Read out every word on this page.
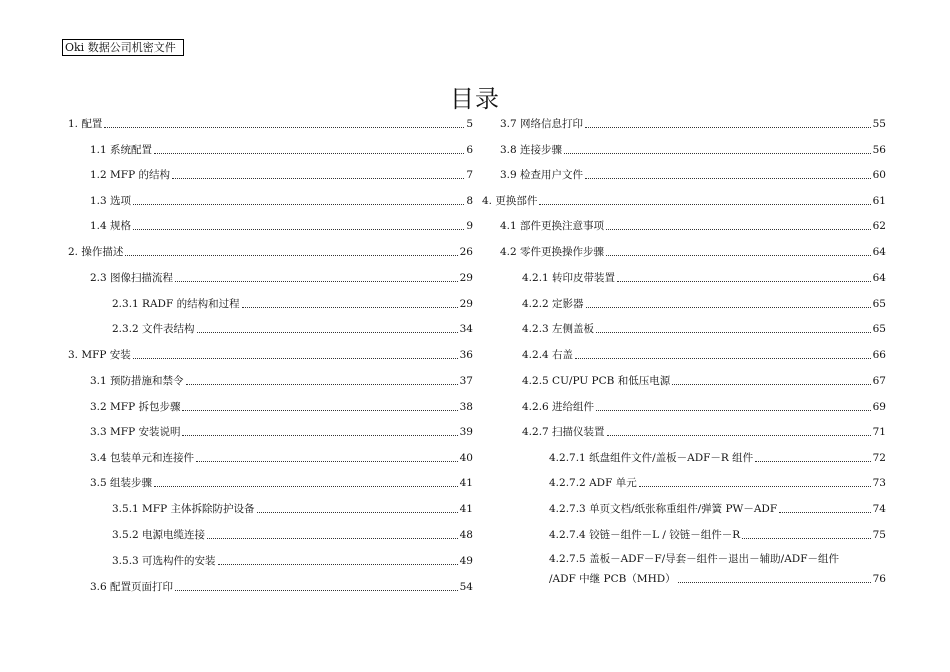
Oki 数据公司机密文件
目录
1. 配置	5
1.1 系统配置	6
1.2 MFP 的结构	7
1.3 选项	8
1.4 规格	9
2. 操作描述	26
2.3 图像扫描流程	29
2.3.1 RADF 的结构和过程	29
2.3.2 文件表结构	34
3. MFP 安装	36
3.1 预防措施和禁令	37
3.2 MFP 拆包步骤	38
3.3 MFP 安装说明	39
3.4 包装单元和连接件	40
3.5 组装步骤	41
3.5.1 MFP 主体拆除防护设备	41
3.5.2 电源电缆连接	48
3.5.3 可选构件的安装	49
3.6 配置页面打印	54
3.7 网络信息打印	55
3.8 连接步骤	56
3.9 检查用户文件	60
4. 更换部件	61
4.1 部件更换注意事项	62
4.2 零件更换操作步骤	64
4.2.1 转印皮带装置	64
4.2.2 定影器	65
4.2.3 左侧盖板	65
4.2.4 右盖	66
4.2.5 CU/PU PCB 和低压电源	67
4.2.6 进给组件	69
4.2.7 扫描仪装置	71
4.2.7.1 纸盘组件文件/盖板－ADF－R 组件	72
4.2.7.2 ADF 单元	73
4.2.7.3 单页文档/纸张称重组件/弹簧 PW－ADF	74
4.2.7.4 铰链－组件－L / 铰链－组件－R	75
4.2.7.5 盖板－ADF－F/导套－组件－退出－辅助/ADF－组件
/ADF 中继 PCB（MHD）	76
